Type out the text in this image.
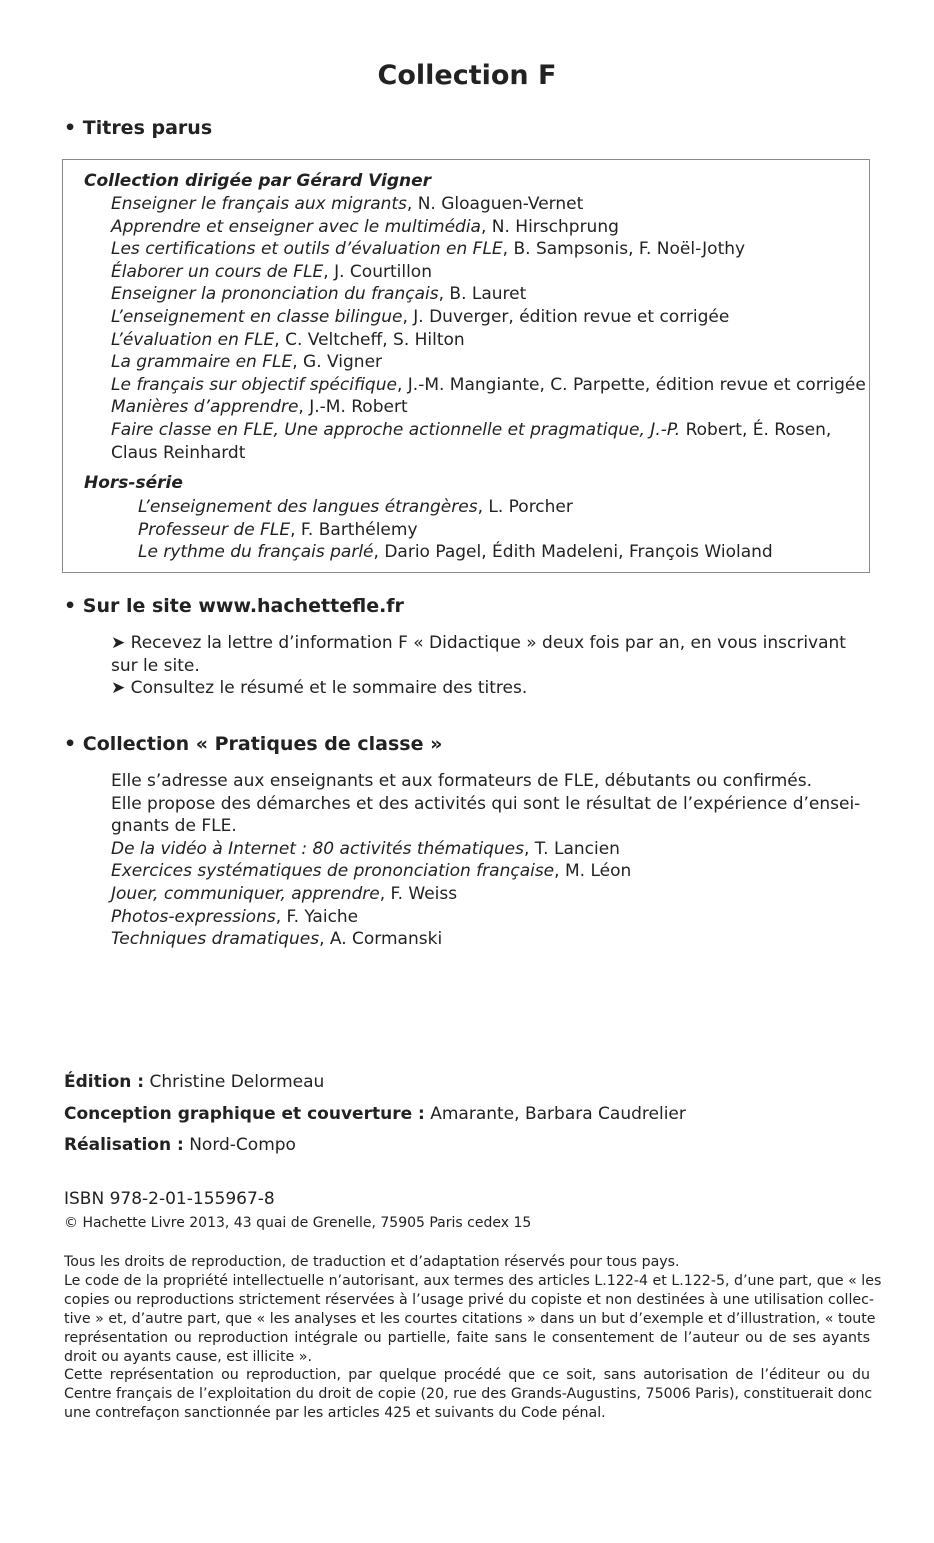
Collection F
• Titres parus
Collection dirigée par Gérard Vigner
Enseigner le français aux migrants, N. Gloaguen-Vernet
Apprendre et enseigner avec le multimédia, N. Hirschprung
Les certifications et outils d’évaluation en FLE, B. Sampsonis, F. Noël-Jothy
Élaborer un cours de FLE, J. Courtillon
Enseigner la prononciation du français, B. Lauret
L’enseignement en classe bilingue, J. Duverger, édition revue et corrigée
L’évaluation en FLE, C. Veltcheff, S. Hilton
La grammaire en FLE, G. Vigner
Le français sur objectif spécifique, J.-M. Mangiante, C. Parpette, édition revue et corrigée
Manières d’apprendre, J.-M. Robert
Faire classe en FLE, Une approche actionnelle et pragmatique, J.-P. Robert, É. Rosen,
Claus Reinhardt
Hors-série
L’enseignement des langues étrangères, L. Porcher
Professeur de FLE, F. Barthélemy
Le rythme du français parlé, Dario Pagel, Édith Madeleni, François Wioland
• Sur le site www.hachettefle.fr
➤ Recevez la lettre d’information F « Didactique » deux fois par an, en vous inscrivant
sur le site.
➤ Consultez le résumé et le sommaire des titres.
• Collection « Pratiques de classe »
Elle s’adresse aux enseignants et aux formateurs de FLE, débutants ou confirmés.
Elle propose des démarches et des activités qui sont le résultat de l’expérience d’ensei-
gnants de FLE.
De la vidéo à Internet : 80 activités thématiques, T. Lancien
Exercices systématiques de prononciation française, M. Léon
Jouer, communiquer, apprendre, F. Weiss
Photos-expressions, F. Yaiche
Techniques dramatiques, A. Cormanski
Édition : Christine Delormeau
Conception graphique et couverture : Amarante, Barbara Caudrelier
Réalisation : Nord-Compo
ISBN 978-2-01-155967-8
© Hachette Livre 2013, 43 quai de Grenelle, 75905 Paris cedex 15
Tous les droits de reproduction, de traduction et d’adaptation réservés pour tous pays.
Le code de la propriété intellectuelle n’autorisant, aux termes des articles L.122-4 et L.122-5, d’une part, que « les
copies ou reproductions strictement réservées à l’usage privé du copiste et non destinées à une utilisation collec-
tive » et, d’autre part, que « les analyses et les courtes citations » dans un but d’exemple et d’illustration, « toute
représentation ou reproduction intégrale ou partielle, faite sans le consentement de l’auteur ou de ses ayants
droit ou ayants cause, est illicite ».
Cette représentation ou reproduction, par quelque procédé que ce soit, sans autorisation de l’éditeur ou du
Centre français de l’exploitation du droit de copie (20, rue des Grands-Augustins, 75006 Paris), constituerait donc
une contrefaçon sanctionnée par les articles 425 et suivants du Code pénal.
